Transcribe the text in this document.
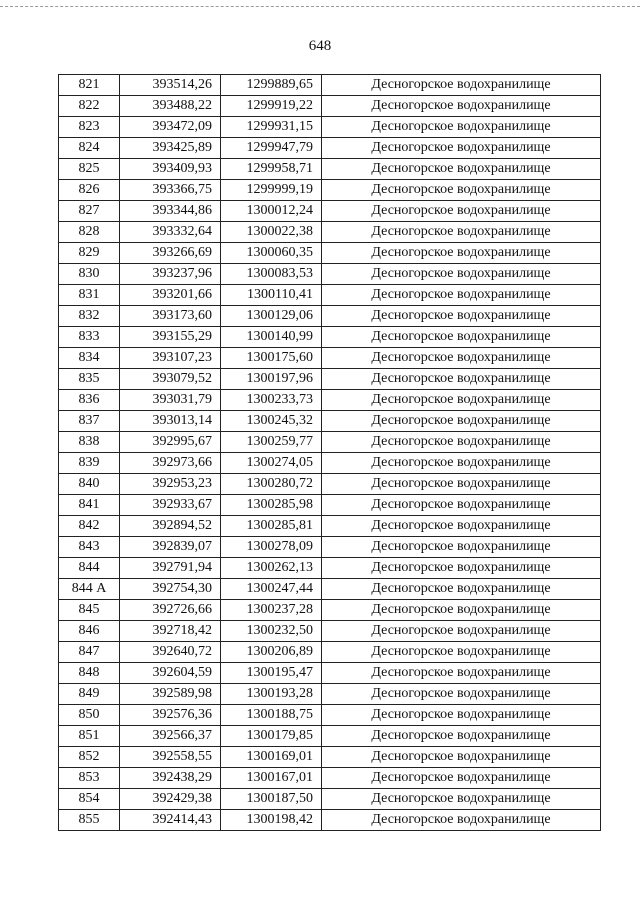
648
821	393514,26	1299889,65	Десногорское водохранилище
822	393488,22	1299919,22	Десногорское водохранилище
823	393472,09	1299931,15	Десногорское водохранилище
824	393425,89	1299947,79	Десногорское водохранилище
825	393409,93	1299958,71	Десногорское водохранилище
826	393366,75	1299999,19	Десногорское водохранилище
827	393344,86	1300012,24	Десногорское водохранилище
828	393332,64	1300022,38	Десногорское водохранилище
829	393266,69	1300060,35	Десногорское водохранилище
830	393237,96	1300083,53	Десногорское водохранилище
831	393201,66	1300110,41	Десногорское водохранилище
832	393173,60	1300129,06	Десногорское водохранилище
833	393155,29	1300140,99	Десногорское водохранилище
834	393107,23	1300175,60	Десногорское водохранилище
835	393079,52	1300197,96	Десногорское водохранилище
836	393031,79	1300233,73	Десногорское водохранилище
837	393013,14	1300245,32	Десногорское водохранилище
838	392995,67	1300259,77	Десногорское водохранилище
839	392973,66	1300274,05	Десногорское водохранилище
840	392953,23	1300280,72	Десногорское водохранилище
841	392933,67	1300285,98	Десногорское водохранилище
842	392894,52	1300285,81	Десногорское водохранилище
843	392839,07	1300278,09	Десногорское водохранилище
844	392791,94	1300262,13	Десногорское водохранилище
844 А	392754,30	1300247,44	Десногорское водохранилище
845	392726,66	1300237,28	Десногорское водохранилище
846	392718,42	1300232,50	Десногорское водохранилище
847	392640,72	1300206,89	Десногорское водохранилище
848	392604,59	1300195,47	Десногорское водохранилище
849	392589,98	1300193,28	Десногорское водохранилище
850	392576,36	1300188,75	Десногорское водохранилище
851	392566,37	1300179,85	Десногорское водохранилище
852	392558,55	1300169,01	Десногорское водохранилище
853	392438,29	1300167,01	Десногорское водохранилище
854	392429,38	1300187,50	Десногорское водохранилище
855	392414,43	1300198,42	Десногорское водохранилище
